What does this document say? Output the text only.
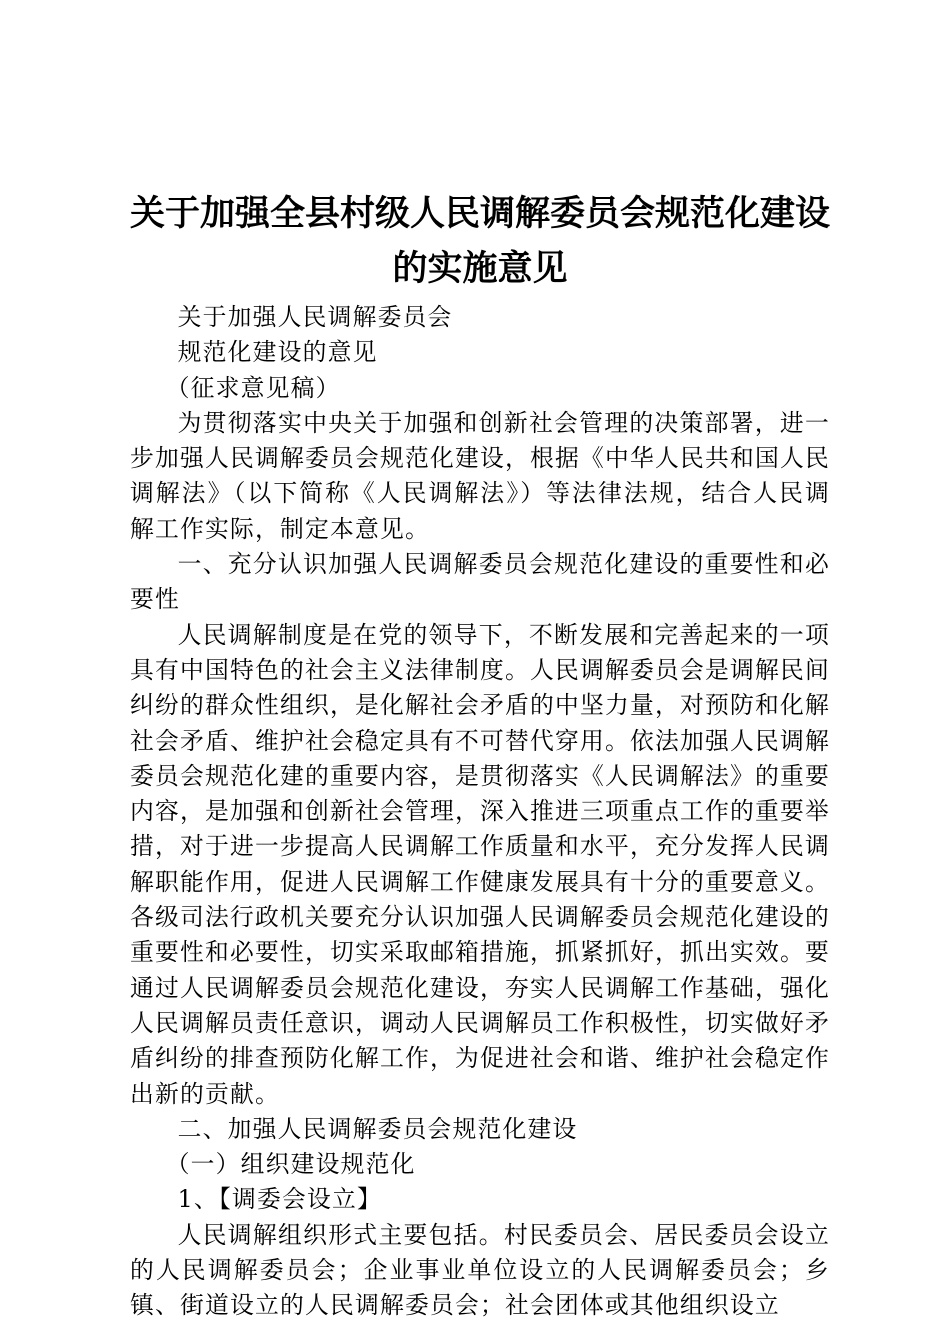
关于加强全县村级人民调解委员会规范化建设
的实施意见

关于加强人民调解委员会

规范化建设的意见

（征求意见稿）

为贯彻落实中央关于加强和创新社会管理的决策部署，进一步加强人民调解委员会规范化建设，根据《中华人民共和国人民调解法》（以下简称《人民调解法》）等法律法规，结合人民调解工作实际，制定本意见。

一、充分认识加强人民调解委员会规范化建设的重要性和必要性

人民调解制度是在党的领导下，不断发展和完善起来的一项具有中国特色的社会主义法律制度。人民调解委员会是调解民间纠纷的群众性组织，是化解社会矛盾的中坚力量，对预防和化解社会矛盾、维护社会稳定具有不可替代穿用。依法加强人民调解委员会规范化建的重要内容，是贯彻落实《人民调解法》的重要内容，是加强和创新社会管理，深入推进三项重点工作的重要举措，对于进一步提高人民调解工作质量和水平，充分发挥人民调解职能作用，促进人民调解工作健康发展具有十分的重要意义。各级司法行政机关要充分认识加强人民调解委员会规范化建设的重要性和必要性，切实采取邮箱措施，抓紧抓好，抓出实效。要通过人民调解委员会规范化建设，夯实人民调解工作基础，强化人民调解员责任意识，调动人民调解员工作积极性，切实做好矛盾纠纷的排查预防化解工作，为促进社会和谐、维护社会稳定作出新的贡献。

二、加强人民调解委员会规范化建设

（一）组织建设规范化

1、【调委会设立】

人民调解组织形式主要包括。村民委员会、居民委员会设立的人民调解委员会；企业事业单位设立的人民调解委员会；乡镇、街道设立的人民调解委员会；社会团体或其他组织设立
